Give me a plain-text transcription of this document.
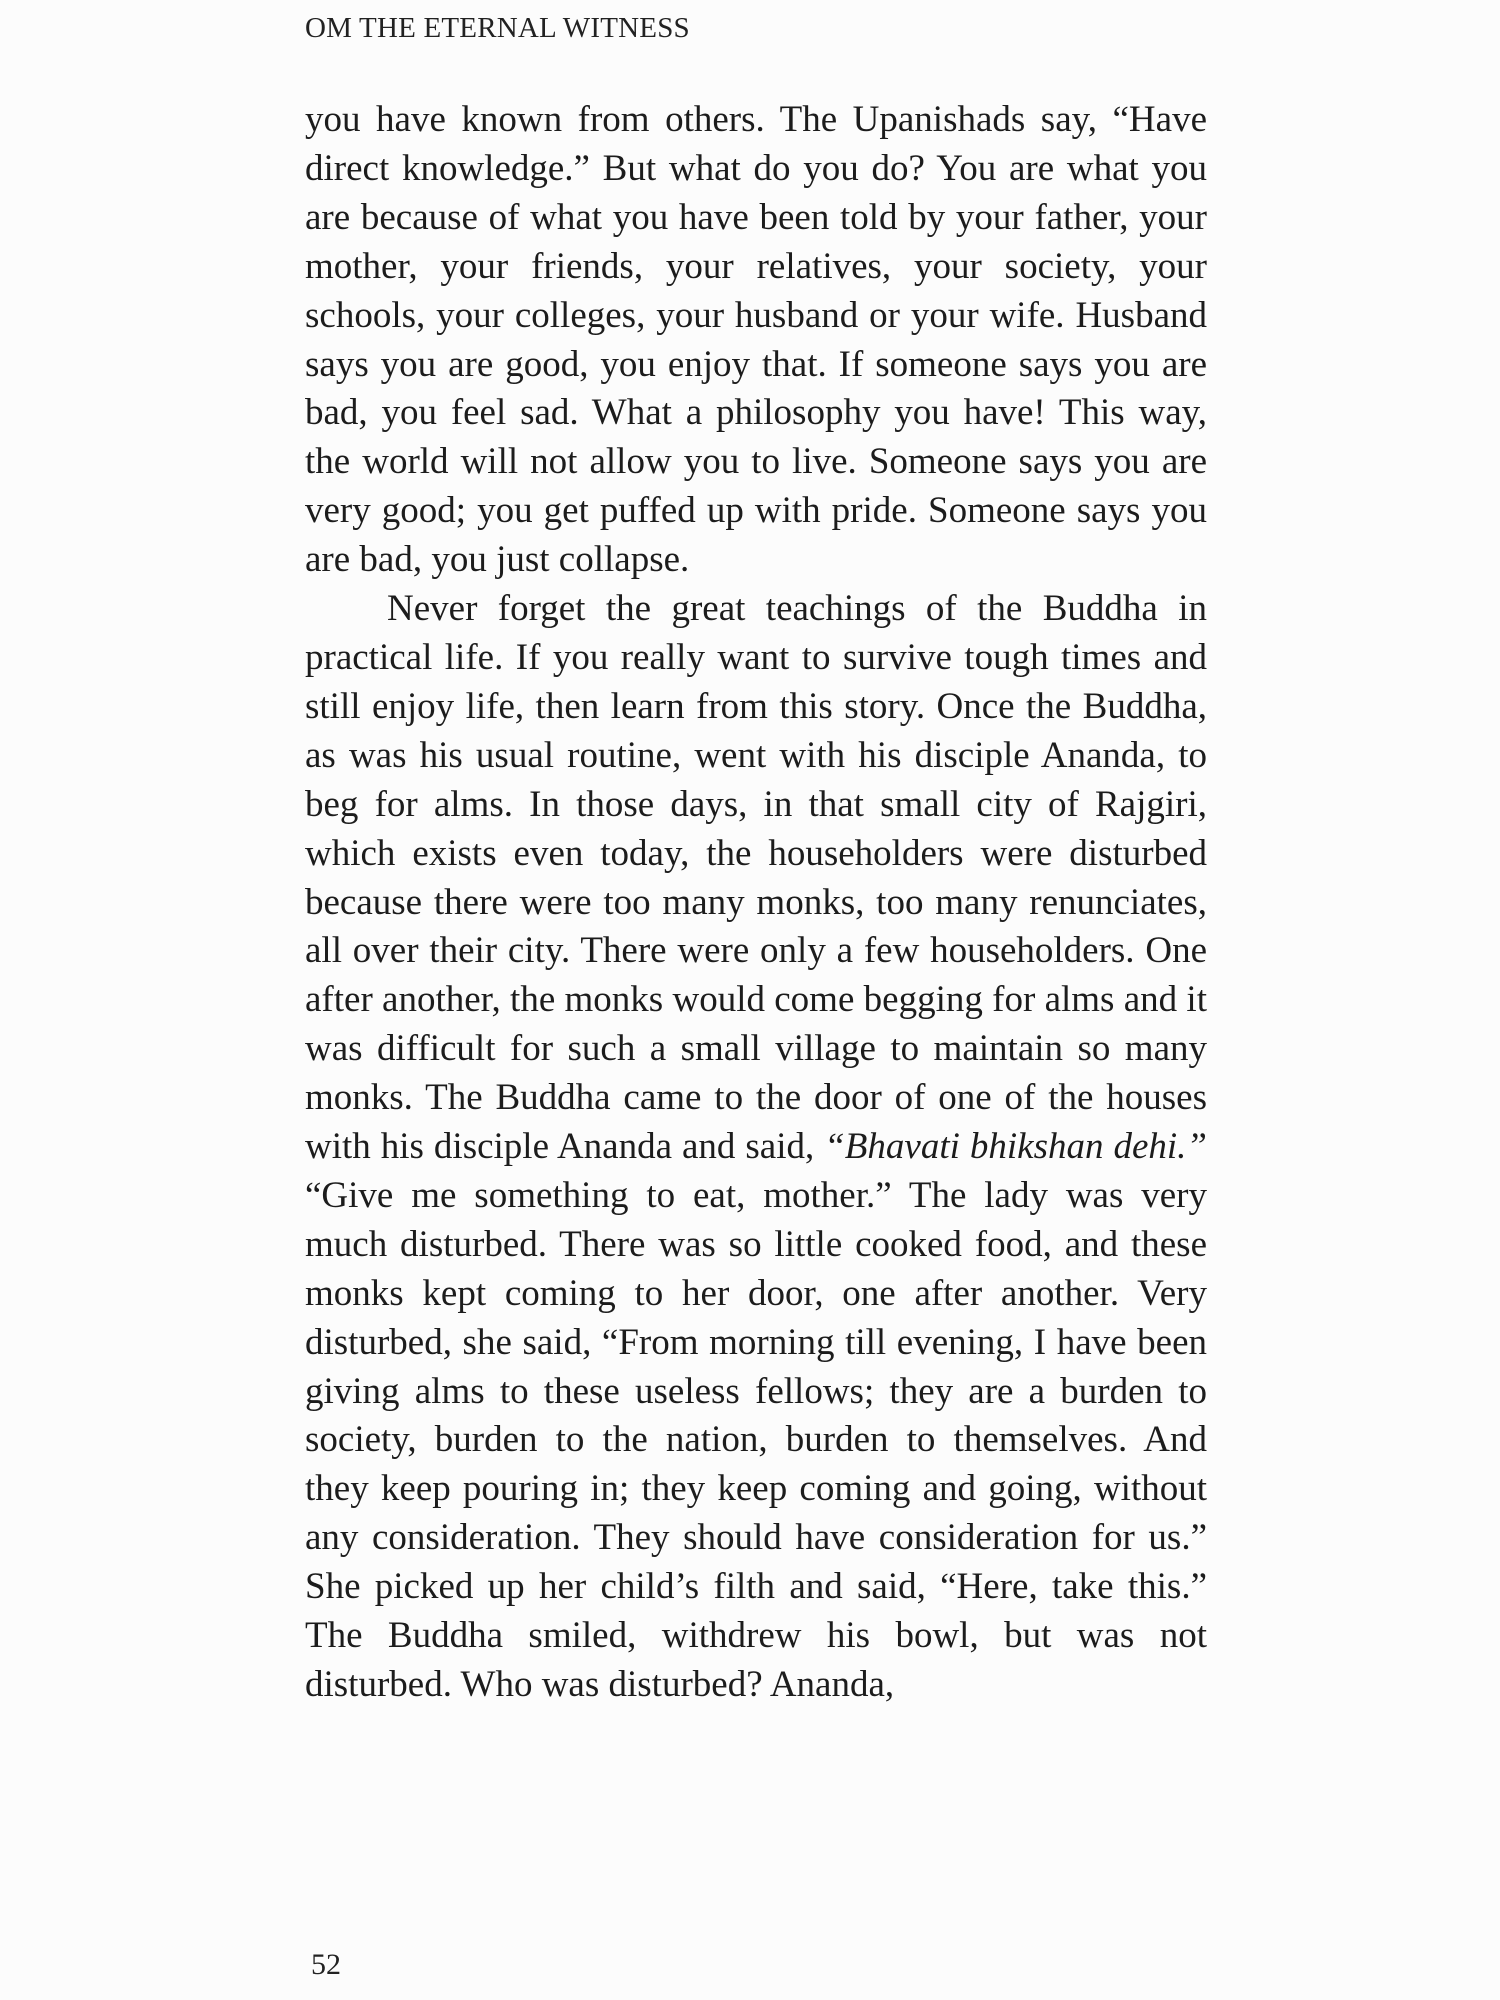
OM THE ETERNAL WITNESS

you have known from others. The Upanishads say, “Have direct knowledge.” But what do you do? You are what you are because of what you have been told by your father, your mother, your friends, your relatives, your society, your schools, your colleges, your husband or your wife. Husband says you are good, you enjoy that. If someone says you are bad, you feel sad. What a philosophy you have! This way, the world will not allow you to live. Someone says you are very good; you get puffed up with pride. Someone says you are bad, you just collapse.

Never forget the great teachings of the Buddha in practical life. If you really want to survive tough times and still enjoy life, then learn from this story. Once the Buddha, as was his usual routine, went with his disciple Ananda, to beg for alms. In those days, in that small city of Rajgiri, which exists even today, the householders were disturbed because there were too many monks, too many renunciates, all over their city. There were only a few householders. One after another, the monks would come begging for alms and it was difficult for such a small village to maintain so many monks. The Buddha came to the door of one of the houses with his disciple Ananda and said, “Bhavati bhikshan dehi.” “Give me something to eat, mother.” The lady was very much disturbed. There was so little cooked food, and these monks kept coming to her door, one after another. Very disturbed, she said, “From morning till evening, I have been giving alms to these useless fellows; they are a burden to society, burden to the nation, burden to themselves. And they keep pouring in; they keep coming and going, without any consideration. They should have consideration for us.” She picked up her child’s filth and said, “Here, take this.” The Buddha smiled, withdrew his bowl, but was not disturbed. Who was disturbed? Ananda,

52
